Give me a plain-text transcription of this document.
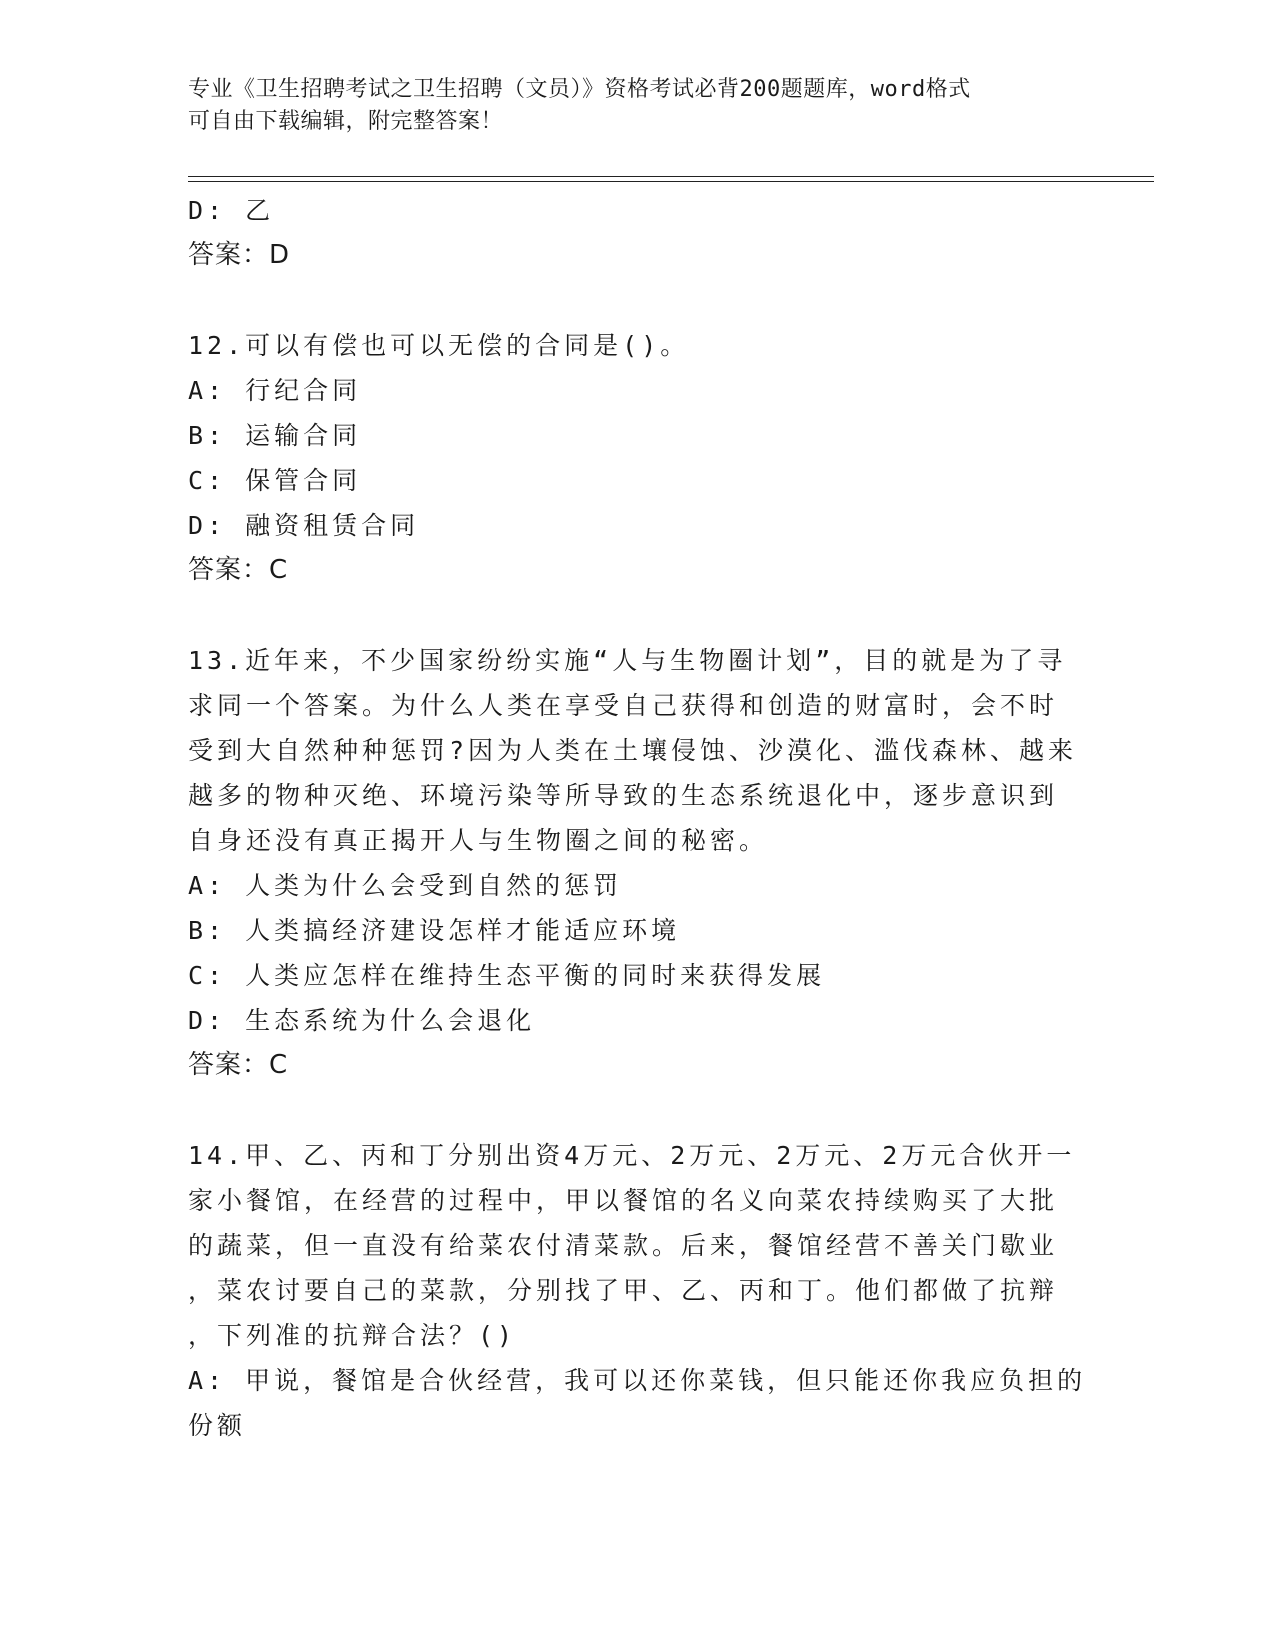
专业《卫生招聘考试之卫生招聘（文员）》资格考试必背200题题库，word格式
可自由下载编辑，附完整答案！
D: 乙
答案：D
12.可以有偿也可以无偿的合同是()。
A: 行纪合同
B: 运输合同
C: 保管合同
D: 融资租赁合同
答案：C
13.近年来，不少国家纷纷实施“人与生物圈计划”，目的就是为了寻
求同一个答案。为什么人类在享受自己获得和创造的财富时，会不时
受到大自然种种惩罚?因为人类在土壤侵蚀、沙漠化、滥伐森林、越来
越多的物种灭绝、环境污染等所导致的生态系统退化中，逐步意识到
自身还没有真正揭开人与生物圈之间的秘密。
A: 人类为什么会受到自然的惩罚
B: 人类搞经济建设怎样才能适应环境
C: 人类应怎样在维持生态平衡的同时来获得发展
D: 生态系统为什么会退化
答案：C
14.甲、乙、丙和丁分别出资4万元、2万元、2万元、2万元合伙开一
家小餐馆，在经营的过程中，甲以餐馆的名义向菜农持续购买了大批
的蔬菜，但一直没有给菜农付清菜款。后来，餐馆经营不善关门歇业
，菜农讨要自己的菜款，分别找了甲、乙、丙和丁。他们都做了抗辩
，下列准的抗辩合法？()
A: 甲说，餐馆是合伙经营，我可以还你菜钱，但只能还你我应负担的
份额
